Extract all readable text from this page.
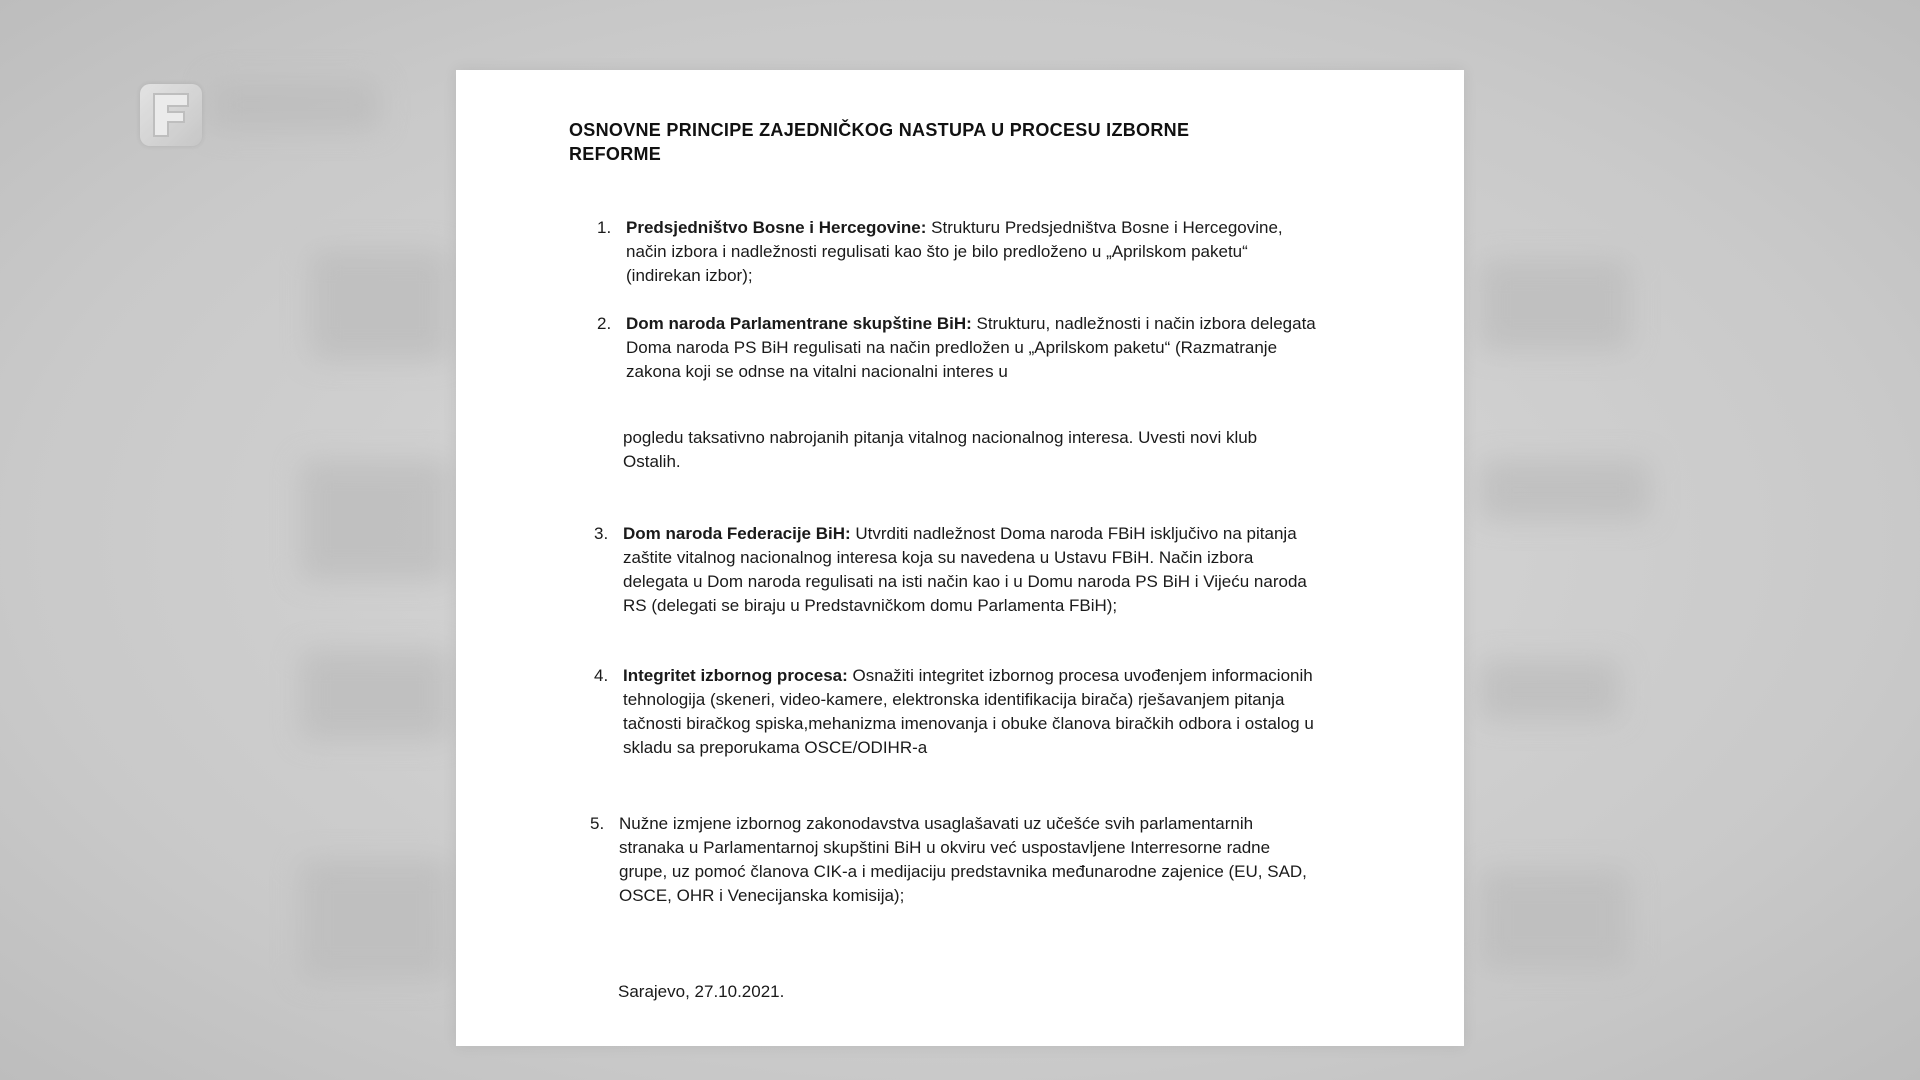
OSNOVNE PRINCIPE ZAJEDNIČKOG NASTUPA U PROCESU IZBORNE
REFORME
1. Predsjedništvo Bosne i Hercegovine: Strukturu Predsjedništva Bosne i Hercegovine, način izbora i nadležnosti regulisati kao što je bilo predloženo u „Aprilskom paketu“ (indirekan izbor);
2. Dom naroda Parlamentrane skupštine BiH: Strukturu, nadležnosti i način izbora delegata Doma naroda PS BiH regulisati na način predložen u „Aprilskom paketu“ (Razmatranje zakona koji se odnse na vitalni nacionalni interes u
pogledu taksativno nabrojanih pitanja vitalnog nacionalnog interesa. Uvesti novi klub Ostalih.
3. Dom naroda Federacije BiH: Utvrditi nadležnost Doma naroda FBiH isključivo na pitanja zaštite vitalnog nacionalnog interesa koja su navedena u Ustavu FBiH. Način izbora delegata u Dom naroda regulisati na isti način kao i u Domu naroda PS BiH i Vijeću naroda RS (delegati se biraju u Predstavničkom domu Parlamenta FBiH);
4. Integritet izbornog procesa: Osnažiti integritet izbornog procesa uvođenjem informacionih tehnologija (skeneri, video-kamere, elektronska identifikacija birača) rješavanjem pitanja tačnosti biračkog spiska,mehanizma imenovanja i obuke članova biračkih odbora i ostalog u skladu sa preporukama OSCE/ODIHR-a
5. Nužne izmjene izbornog zakonodavstva usaglašavati uz učešće svih parlamentarnih stranaka u Parlamentarnoj skupštini BiH u okviru već uspostavljene Interresorne radne grupe, uz pomoć članova CIK-a i medijaciju predstavnika međunarodne zajenice (EU, SAD, OSCE, OHR i Venecijanska komisija);
Sarajevo, 27.10.2021.
